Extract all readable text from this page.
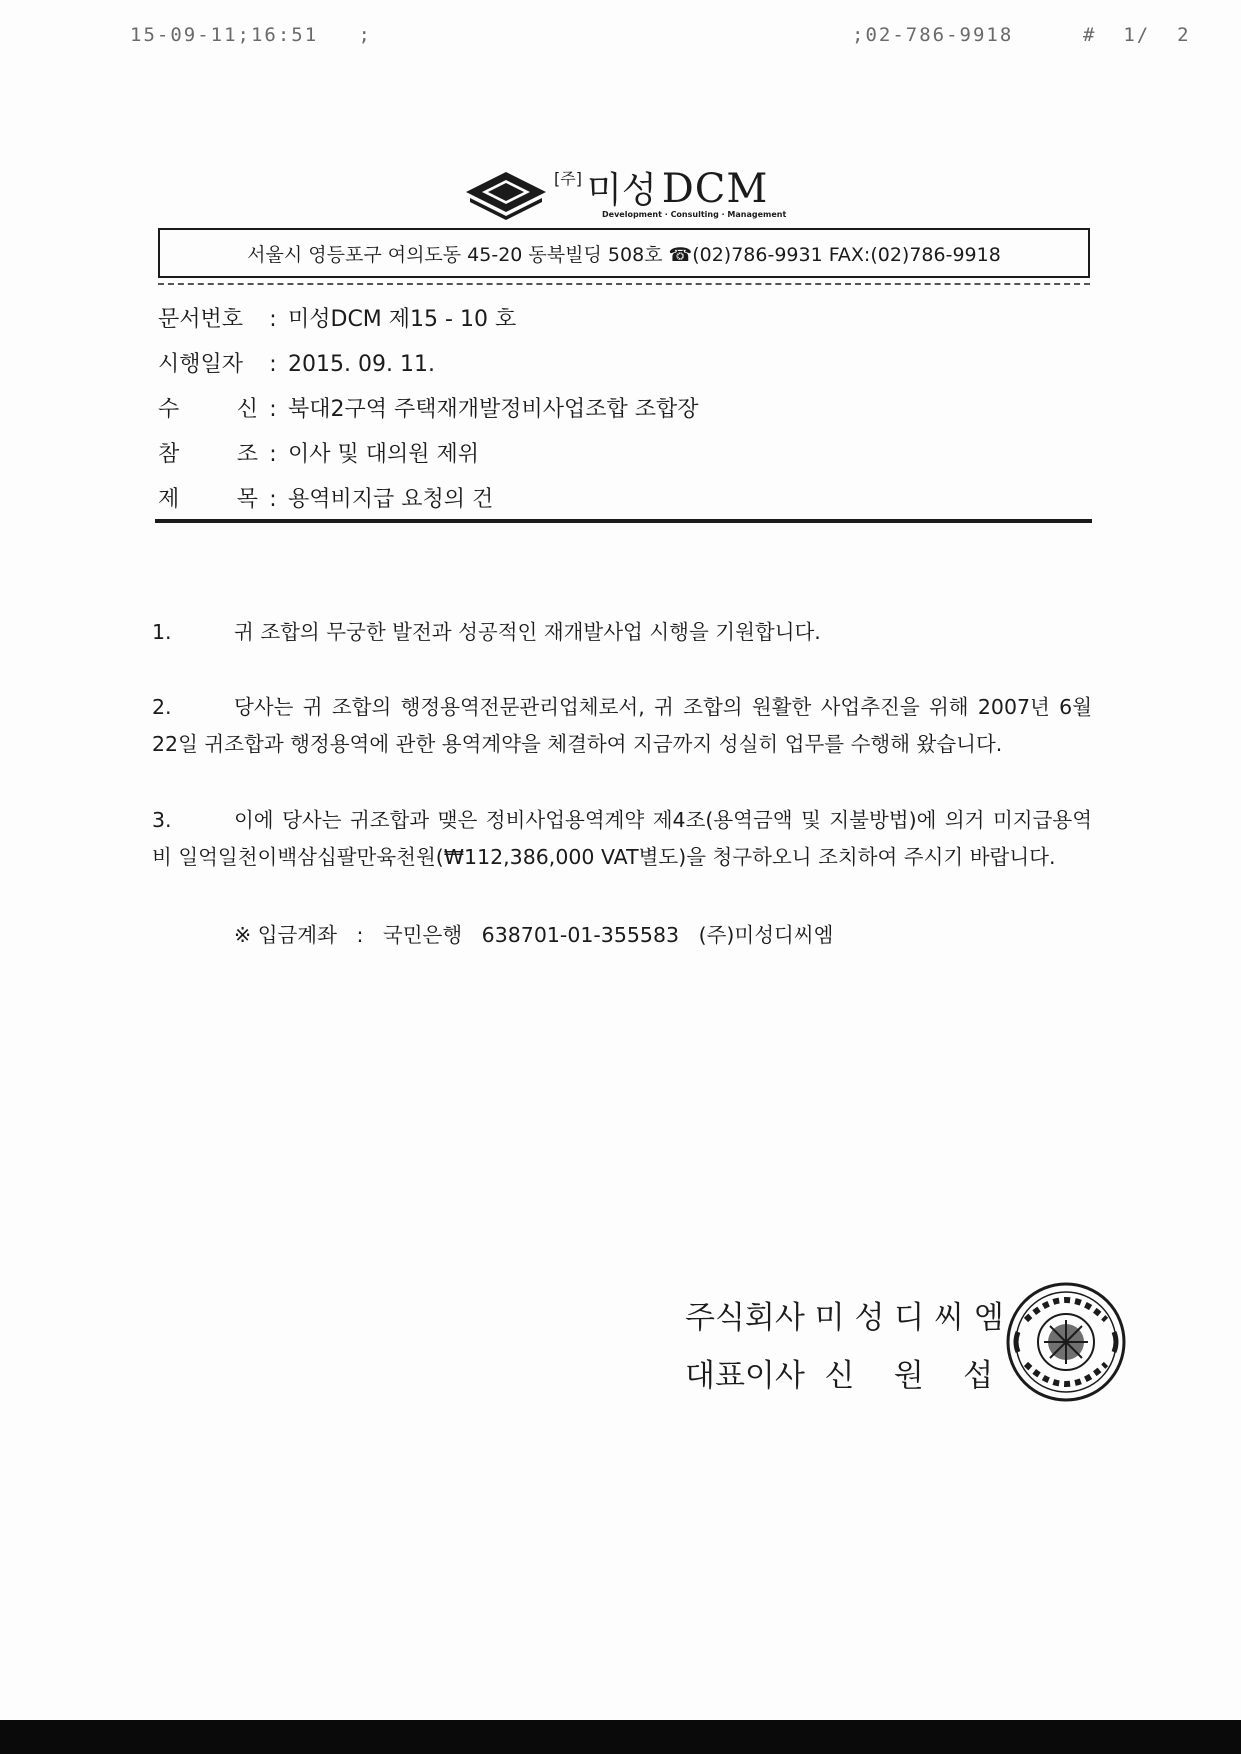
15-09-11;16:51   ;	;02-786-9918	#  1/  2
[주] 미성 DCM
Development · Consulting · Management
서울시 영등포구 여의도동 45-20 동북빌딩 508호 ☎(02)786-9931 FAX:(02)786-9918
문서번호 : 미성DCM 제15 - 10 호
시행일자 : 2015. 09. 11.
수 신 : 북대2구역 주택재개발정비사업조합 조합장
참 조 : 이사 및 대의원 제위
제 목 : 용역비지급 요청의 건
1.	귀 조합의 무궁한 발전과 성공적인 재개발사업 시행을 기원합니다.
2.	당사는 귀 조합의 행정용역전문관리업체로서, 귀 조합의 원활한 사업추진을 위해 2007년 6월 22일 귀조합과 행정용역에 관한 용역계약을 체결하여 지금까지 성실히 업무를 수행해 왔습니다.
3.	이에 당사는 귀조합과 맺은 정비사업용역계약 제4조(용역금액 및 지불방법)에 의거 미지급용역비 일억일천이백삼십팔만육천원(₩112,386,000 VAT별도)을 청구하오니 조치하여 주시기 바랍니다.
※ 입금계좌   :   국민은행   638701-01-355583   (주)미성디씨엠
주식회사 미 성 디 씨 엠
대표이사  신    원    섭
